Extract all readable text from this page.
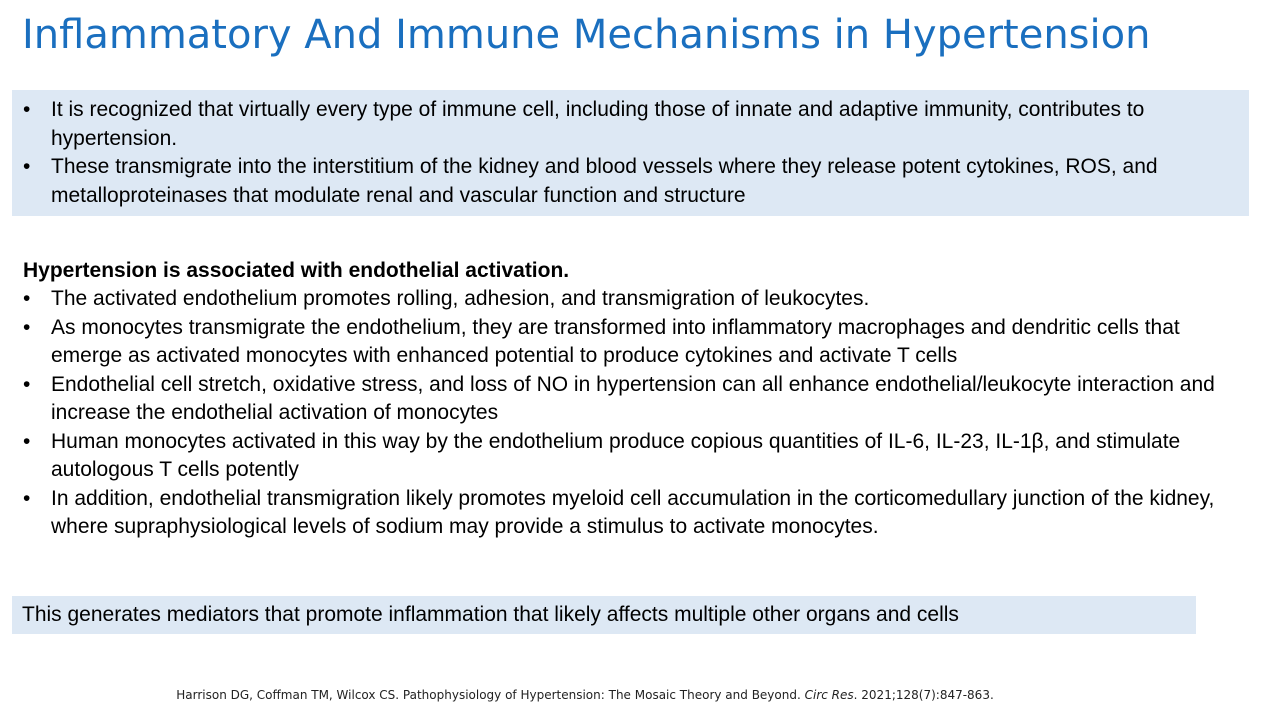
Inflammatory And Immune Mechanisms in Hypertension
• It is recognized that virtually every type of immune cell, including those of innate and adaptive immunity, contributes to hypertension.
• These transmigrate into the interstitium of the kidney and blood vessels where they release potent cytokines, ROS, and metalloproteinases that modulate renal and vascular function and structure

Hypertension is associated with endothelial activation.

• The activated endothelium promotes rolling, adhesion, and transmigration of leukocytes.
• As monocytes transmigrate the endothelium, they are transformed into inflammatory macrophages and dendritic cells that emerge as activated monocytes with enhanced potential to produce cytokines and activate T cells
• Endothelial cell stretch, oxidative stress, and loss of NO in hypertension can all enhance endothelial/leukocyte interaction and increase the endothelial activation of monocytes
• Human monocytes activated in this way by the endothelium produce copious quantities of IL-6, IL-23, IL-1β, and stimulate autologous T cells potently
• In addition, endothelial transmigration likely promotes myeloid cell accumulation in the corticomedullary junction of the kidney, where supraphysiological levels of sodium may provide a stimulus to activate monocytes.
This generates mediators that promote inflammation that likely affects multiple other organs and cells
Harrison DG, Coffman TM, Wilcox CS. Pathophysiology of Hypertension: The Mosaic Theory and Beyond. Circ Res. 2021;128(7):847-863.
